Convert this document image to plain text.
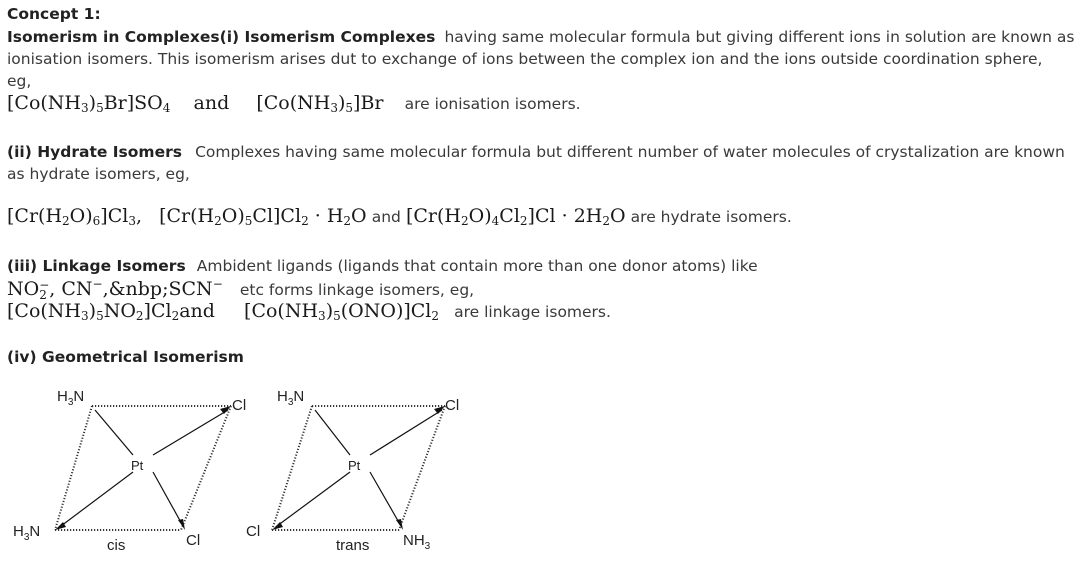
Concept 1:
Isomerism in Complexes(i) Isomerism Complexes having same molecular formula but giving different ions in solution are known as
ionisation isomers. This isomerism arises dut to exchange of ions between the complex ion and the ions outside coordination sphere,
eg,
$[Co(NH_3)_5Br]SO_4$ and $[Co(NH_3)_5]Br$ are ionisation isomers.
(ii) Hydrate Isomers Complexes having same molecular formula but different number of water molecules of crystalization are known
as hydrate isomers, eg,
$[Cr(H_2O)_6]Cl_3$, $[Cr(H_2O)_5Cl]Cl_2 \cdot H_2O$ and $[Cr(H_2O)_4Cl_2]Cl \cdot 2H_2O$ are hydrate isomers.
(iii) Linkage Isomers Ambident ligands (ligands that contain more than one donor atoms) like
NO −
2 , CN−,&nbp;SCN− etc forms linkage isomers, eg,
$[Co(NH_3)_5NO_2]Cl_2and$ $[Co(NH_3)_5(ONO)]Cl_2$ are linkage isomers.
(iv) Geometrical Isomerism
$H_3N$
Cl
Pt
$H_3N$
Cl
cis
$H_3N$
Cl
Pt
Cl
$NH_3$
trans
